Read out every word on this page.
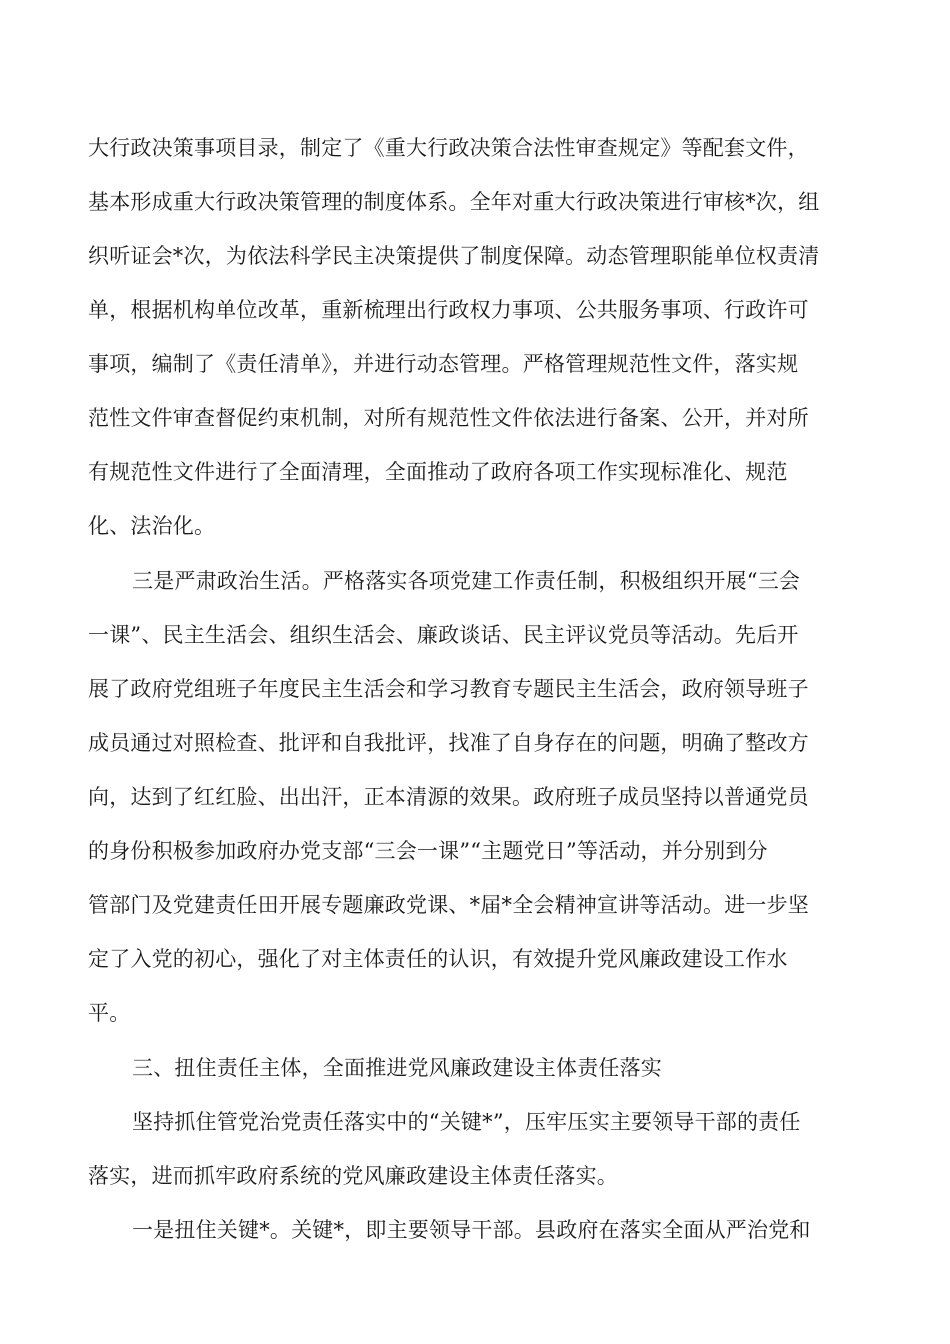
大行政决策事项目录，制定了《重大行政决策合法性审查规定》等配套文件，
基本形成重大行政决策管理的制度体系。全年对重大行政决策进行审核*次，组
织听证会*次，为依法科学民主决策提供了制度保障。动态管理职能单位权责清
单，根据机构单位改革，重新梳理出行政权力事项、公共服务事项、行政许可
事项，编制了《责任清单》，并进行动态管理。严格管理规范性文件，落实规
范性文件审查督促约束机制，对所有规范性文件依法进行备案、公开，并对所
有规范性文件进行了全面清理，全面推动了政府各项工作实现标准化、规范
化、法治化。
三是严肃政治生活。严格落实各项党建工作责任制，积极组织开展“三会
一课”、民主生活会、组织生活会、廉政谈话、民主评议党员等活动。先后开
展了政府党组班子年度民主生活会和学习教育专题民主生活会，政府领导班子
成员通过对照检查、批评和自我批评，找准了自身存在的问题，明确了整改方
向，达到了红红脸、出出汗，正本清源的效果。政府班子成员坚持以普通党员
的身份积极参加政府办党支部“三会一课”“主题党日”等活动，并分别到分
管部门及党建责任田开展专题廉政党课、*届*全会精神宣讲等活动。进一步坚
定了入党的初心，强化了对主体责任的认识，有效提升党风廉政建设工作水
平。
三、扭住责任主体，全面推进党风廉政建设主体责任落实
坚持抓住管党治党责任落实中的“关键*”，压牢压实主要领导干部的责任
落实，进而抓牢政府系统的党风廉政建设主体责任落实。
一是扭住关键*。关键*，即主要领导干部。县政府在落实全面从严治党和
